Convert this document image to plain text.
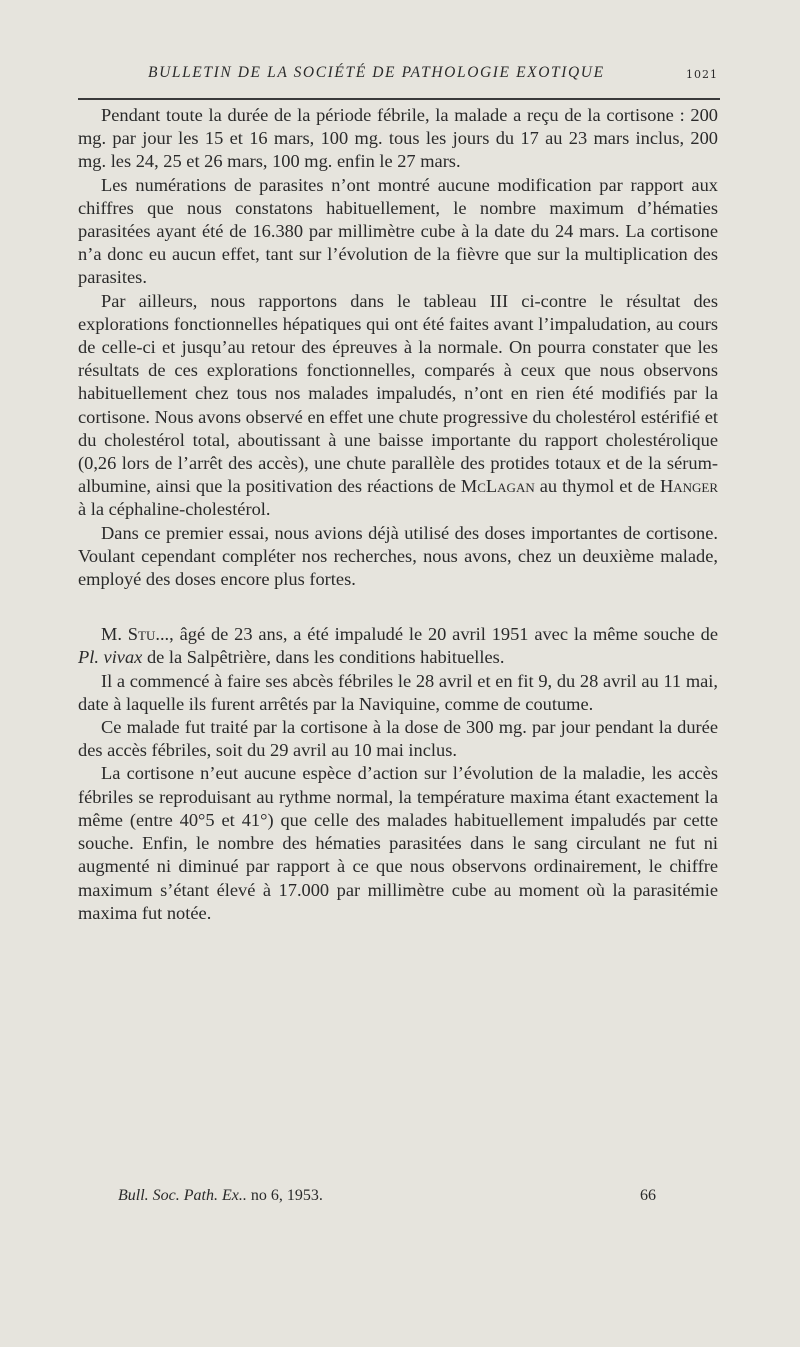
BULLETIN DE LA SOCIÉTÉ DE PATHOLOGIE EXOTIQUE	1021

Pendant toute la durée de la période fébrile, la malade a reçu de la cortisone : 200 mg. par jour les 15 et 16 mars, 100 mg. tous les jours du 17 au 23 mars inclus, 200 mg. les 24, 25 et 26 mars, 100 mg. enfin le 27 mars.

Les numérations de parasites n’ont montré aucune modification par rapport aux chiffres que nous constatons habituellement, le nombre maximum d’hématies parasitées ayant été de 16.380 par millimètre cube à la date du 24 mars. La cortisone n’a donc eu aucun effet, tant sur l’évolution de la fièvre que sur la multiplication des parasites.

Par ailleurs, nous rapportons dans le tableau III ci-contre le résultat des explorations fonctionnelles hépatiques qui ont été faites avant l’impaludation, au cours de celle-ci et jusqu’au retour des épreuves à la normale. On pourra constater que les résultats de ces explorations fonctionnelles, comparés à ceux que nous observons habituellement chez tous nos malades impaludés, n’ont en rien été modifiés par la cortisone. Nous avons observé en effet une chute progressive du cholestérol estérifié et du cholestérol total, aboutissant à une baisse importante du rapport cholestérolique (0,26 lors de l’arrêt des accès), une chute parallèle des protides totaux et de la sérum-albumine, ainsi que la positivation des réactions de McLagan au thymol et de Hanger à la céphaline-cholestérol.

Dans ce premier essai, nous avions déjà utilisé des doses importantes de cortisone. Voulant cependant compléter nos recherches, nous avons, chez un deuxième malade, employé des doses encore plus fortes.

M. Stu..., âgé de 23 ans, a été impaludé le 20 avril 1951 avec la même souche de Pl. vivax de la Salpêtrière, dans les conditions habituelles.

Il a commencé à faire ses abcès fébriles le 28 avril et en fit 9, du 28 avril au 11 mai, date à laquelle ils furent arrêtés par la Naviquine, comme de coutume.

Ce malade fut traité par la cortisone à la dose de 300 mg. par jour pendant la durée des accès fébriles, soit du 29 avril au 10 mai inclus.

La cortisone n’eut aucune espèce d’action sur l’évolution de la maladie, les accès fébriles se reproduisant au rythme normal, la température maxima étant exactement la même (entre 40°5 et 41°) que celle des malades habituellement impaludés par cette souche. Enfin, le nombre des hématies parasitées dans le sang circulant ne fut ni augmenté ni diminué par rapport à ce que nous observons ordinairement, le chiffre maximum s’étant élevé à 17.000 par millimètre cube au moment où la parasitémie maxima fut notée.

Bull. Soc. Path. Ex.. no 6, 1953.	66
